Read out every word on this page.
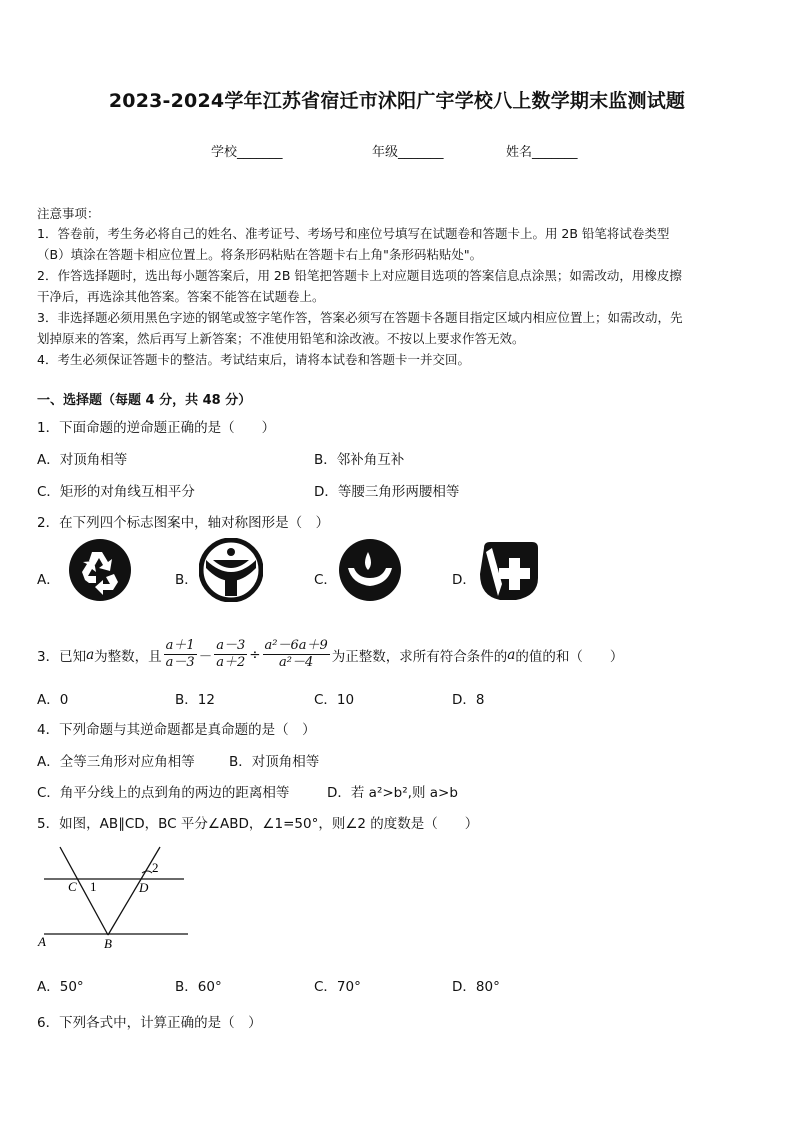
2023-2024学年江苏省宿迁市沭阳广宇学校八上数学期末监测试题
学校_______	年级_______	姓名_______
注意事项：
1．答卷前，考生务必将自己的姓名、准考证号、考场号和座位号填写在试题卷和答题卡上。用 2B 铅笔将试卷类型
（B）填涂在答题卡相应位置上。将条形码粘贴在答题卡右上角"条形码粘贴处"。
2．作答选择题时，选出每小题答案后，用 2B 铅笔把答题卡上对应题目选项的答案信息点涂黑；如需改动，用橡皮擦
干净后，再选涂其他答案。答案不能答在试题卷上。
3．非选择题必须用黑色字迹的钢笔或签字笔作答，答案必须写在答题卡各题目指定区域内相应位置上；如需改动，先
划掉原来的答案，然后再写上新答案；不准使用铅笔和涂改液。不按以上要求作答无效。
4．考生必须保证答题卡的整洁。考试结束后，请将本试卷和答题卡一并交回。
一、选择题（每题 4 分，共 48 分）
1．下面命题的逆命题正确的是（　　）
A．对顶角相等	B．邻补角互补
C．矩形的对角线互相平分	D．等腰三角形两腰相等
2．在下列四个标志图案中，轴对称图形是（　）
A．	B．	C．	D．
3．已知 a 为整数，且 $\frac{a+1}{a-3} - \frac{a-3}{a+2} \div \frac{\text{a²－6a＋9}}{\text{a²－4}}$ 为正整数，求所有符合条件的 a 的值的和（　　）
A．0	B．12	C．10	D．8
4．下列命题与其逆命题都是真命题的是（　）
A．全等三角形对应角相等	B．对顶角相等
C．角平分线上的点到角的两边的距离相等	D．若 a²>b²,则 a>b
5．如图，AB∥CD，BC 平分∠ABD，∠1=50°，则∠2 的度数是（　　）
C 1	D
2
A	B
A．50°	B．60°	C．70°	D．80°
6．下列各式中，计算正确的是（　）
